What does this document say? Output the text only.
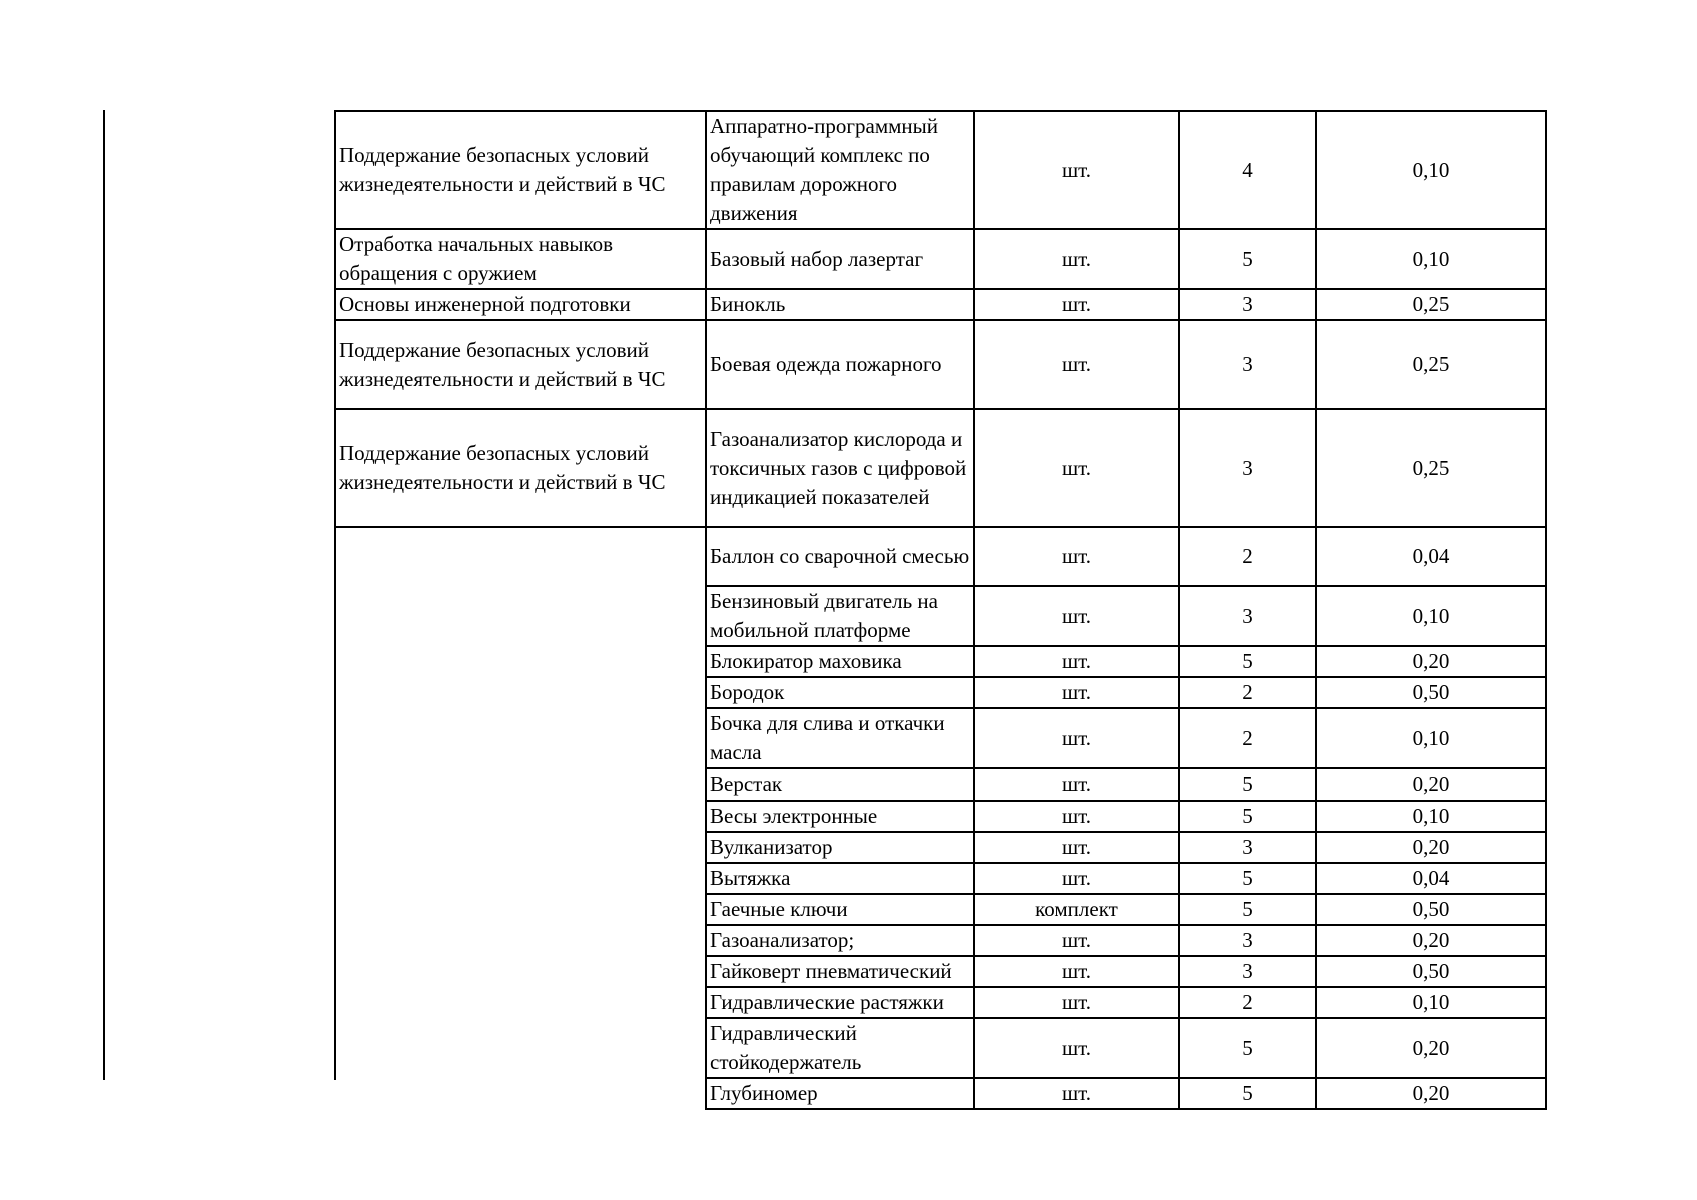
Поддержание безопасных условий жизнедеятельности и действий в ЧС	Аппаратно-программный обучающий комплекс по правилам дорожного движения	шт.	4	0,10
Отработка начальных навыков обращения с оружием	Базовый набор лазертаг	шт.	5	0,10
Основы инженерной подготовки	Бинокль	шт.	3	0,25
Поддержание безопасных условий жизнедеятельности и действий в ЧС	Боевая одежда пожарного	шт.	3	0,25
Поддержание безопасных условий жизнедеятельности и действий в ЧС	Газоанализатор кислорода и токсичных газов с цифровой индикацией показателей	шт.	3	0,25
	Баллон со сварочной смесью	шт.	2	0,04
	Бензиновый двигатель на мобильной платформе	шт.	3	0,10
	Блокиратор маховика	шт.	5	0,20
	Бородок	шт.	2	0,50
	Бочка для слива и откачки масла	шт.	2	0,10
	Верстак	шт.	5	0,20
	Весы электронные	шт.	5	0,10
	Вулканизатор	шт.	3	0,20
	Вытяжка	шт.	5	0,04
	Гаечные ключи	комплект	5	0,50
	Газоанализатор;	шт.	3	0,20
	Гайковерт пневматический	шт.	3	0,50
	Гидравлические растяжки	шт.	2	0,10
	Гидравлический стойкодержатель	шт.	5	0,20
	Глубиномер	шт.	5	0,20
